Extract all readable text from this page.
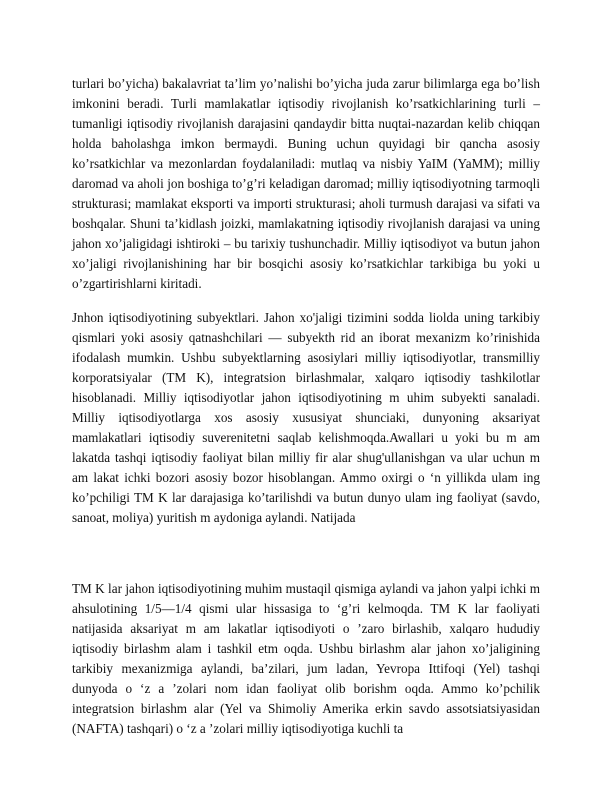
turlari bo’yicha) bakalavriat ta’lim yo’nalishi bo’yicha juda zarur bilimlarga ega bo’lish imkonini beradi. Turli mamlakatlar iqtisodiy rivojlanish ko’rsatkichlarining turli – tumanligi iqtisodiy rivojlanish darajasini qandaydir bitta nuqtai-nazardan kelib chiqqan holda baholashga imkon bermaydi. Buning uchun quyidagi bir qancha asosiy ko’rsatkichlar va mezonlardan foydalaniladi: mutlaq va nisbiy YaIM (YaMM); milliy daromad va aholi jon boshiga to’g’ri keladigan daromad; milliy iqtisodiyotning tarmoqli strukturasi; mamlakat eksporti va importi strukturasi; aholi turmush darajasi va sifati va boshqalar. Shuni ta’kidlash joizki, mamlakatning iqtisodiy rivojlanish darajasi va uning jahon xo’jaligidagi ishtiroki – bu tarixiy tushunchadir. Milliy iqtisodiyot va butun jahon xo’jaligi rivojlanishining har bir bosqichi asosiy ko’rsatkichlar tarkibiga bu yoki u o’zgartirishlarni kiritadi.

Jnhon iqtisodiyotining subyektlari. Jahon xo'jaligi tizimini sodda liolda uning tarkibiy qismlari yoki asosiy qatnashchilari — subyekth rid an iborat mexanizm ko’rinishida ifodalash mumkin. Ushbu subyektlarning asosiylari milliy iqtisodiyotlar, transmilliy korporatsiyalar (TM K), integratsion birlashmalar, xalqaro iqtisodiy tashkilotlar hisoblanadi. Milliy iqtisodiyotlar jahon iqtisodiyotining m uhim subyekti sanaladi. Milliy iqtisodiyotlarga xos asosiy xususiyat shunciaki, dunyoning aksariyat mamlakatlari iqtisodiy suverenitetni saqlab kelishmoqda.Awallari u yoki bu m am lakatda tashqi iqtisodiy faoliyat bilan milliy fir alar shug'ullanishgan va ular uchun m am lakat ichki bozori asosiy bozor hisoblangan. Ammo oxirgi o ‘n yillikda ulam ing ko’pchiligi TM K lar darajasiga ko’tarilishdi va butun dunyo ulam ing faoliyat (savdo, sanoat, moliya) yuritish m aydoniga aylandi. Natijada

TM K lar jahon iqtisodiyotining muhim mustaqil qismiga aylandi va jahon yalpi ichki m ahsulotining 1/5—1/4 qismi ular hissasiga to ‘g’ri kelmoqda. TM K lar faoliyati natijasida aksariyat m am lakatlar iqtisodiyoti o ’zaro birlashib, xalqaro hududiy iqtisodiy birlashm alam i tashkil etm oqda. Ushbu birlashm alar jahon xo’jaligining tarkibiy mexanizmiga aylandi, ba’zilari, jum ladan, Yevropa Ittifoqi (Yel) tashqi dunyoda o ‘z a ’zolari nom idan faoliyat olib borishm oqda. Ammo ko’pchilik integratsion birlashm alar (Yel va Shimoliy Amerika erkin savdo assotsiatsiyasidan (NAFTA) tashqari) o ‘z a ’zolari milliy iqtisodiyotiga kuchli ta
